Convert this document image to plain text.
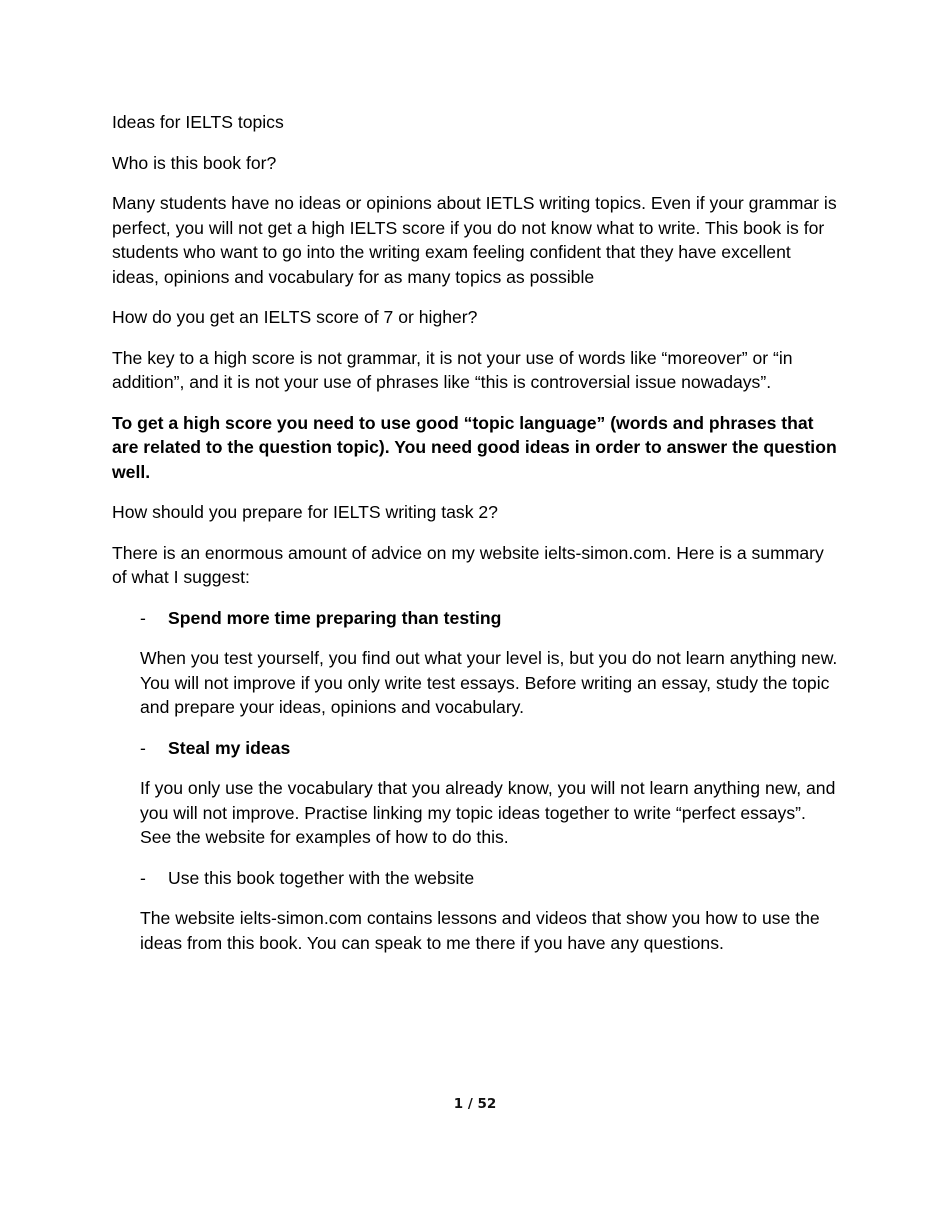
Ideas for IELTS topics

Who is this book for?

Many students have no ideas or opinions about IETLS writing topics. Even if your grammar is perfect, you will not get a high IELTS score if you do not know what to write. This book is for students who want to go into the writing exam feeling confident that they have excellent ideas, opinions and vocabulary for as many topics as possible

How do you get an IELTS score of 7 or higher?

The key to a high score is not grammar, it is not your use of words like “moreover” or “in addition”, and it is not your use of phrases like “this is controversial issue nowadays”.

To get a high score you need to use good “topic language” (words and phrases that are related to the question topic). You need good ideas in order to answer the question well.

How should you prepare for IELTS writing task 2?

There is an enormous amount of advice on my website ielts-simon.com. Here is a summary of what I suggest:

- Spend more time preparing than testing
When you test yourself, you find out what your level is, but you do not learn anything new. You will not improve if you only write test essays. Before writing an essay, study the topic and prepare your ideas, opinions and vocabulary.
- Steal my ideas
If you only use the vocabulary that you already know, you will not learn anything new, and you will not improve. Practise linking my topic ideas together to write “perfect essays”. See the website for examples of how to do this.
- Use this book together with the website
The website ielts-simon.com contains lessons and videos that show you how to use the ideas from this book. You can speak to me there if you have any questions.
1 / 52
